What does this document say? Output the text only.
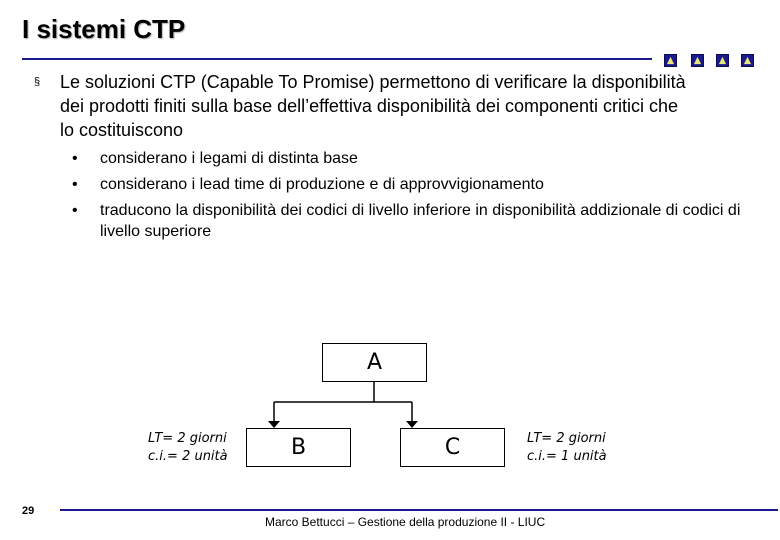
I sistemi CTP
§ Le soluzioni CTP (Capable To Promise) permettono di verificare la disponibilità dei prodotti finiti sulla base dell’effettiva disponibilità dei componenti critici che lo costituiscono
• considerano i legami di distinta base
• considerano i lead time di produzione e di approvvigionamento
• traducono la disponibilità dei codici di livello inferiore in disponibilità addizionale di codici di livello superiore
A
B	C
LT= 2 giorni
c.i.= 2 unità
LT= 2 giorni
c.i.= 1 unità
29
Marco Bettucci – Gestione della produzione II - LIUC
